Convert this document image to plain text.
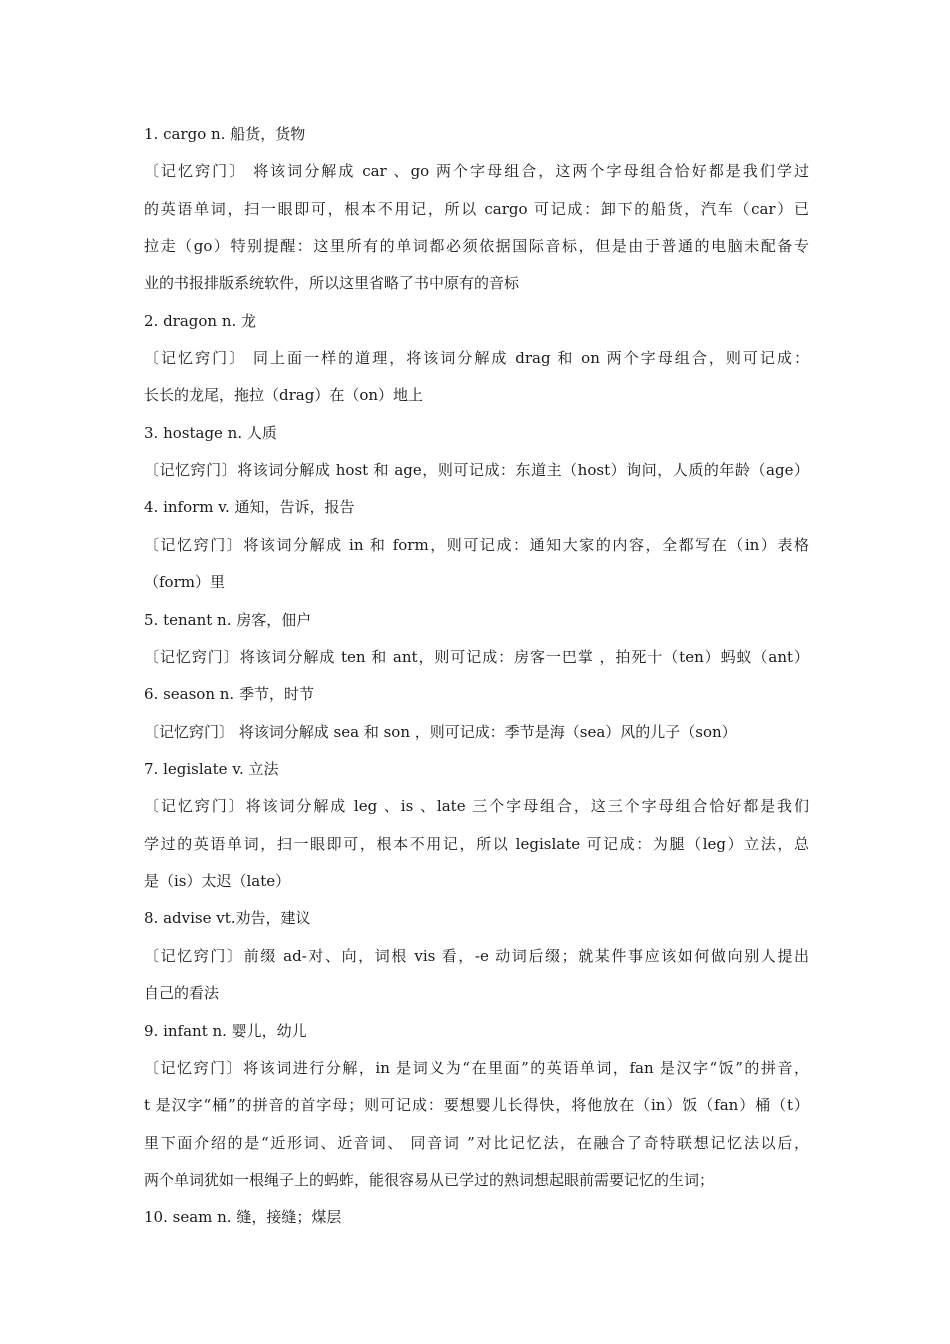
1. cargo n. 船货，货物
〔记忆窍门〕 将该词分解成 car 、go 两个字母组合，这两个字母组合恰好都是我们学过
的英语单词，扫一眼即可，根本不用记，所以 cargo 可记成：卸下的船货，汽车（car）已
拉走（go）特别提醒：这里所有的单词都必须依据国际音标，但是由于普通的电脑未配备专
业的书报排版系统软件，所以这里省略了书中原有的音标
2. dragon n. 龙
〔记忆窍门〕 同上面一样的道理，将该词分解成 drag 和 on 两个字母组合，则可记成：
长长的龙尾，拖拉（drag）在（on）地上
3. hostage n. 人质
〔记忆窍门〕将该词分解成 host 和 age，则可记成：东道主（host）询问，人质的年龄（age）
4. inform v. 通知，告诉，报告
〔记忆窍门〕将该词分解成 in 和 form，则可记成：通知大家的内容，全都写在（in）表格
（form）里
5. tenant n. 房客，佃户
〔记忆窍门〕将该词分解成 ten 和 ant，则可记成：房客一巴掌 ，拍死十（ten）蚂蚁（ant）
6. season n. 季节，时节
〔记忆窍门〕 将该词分解成 sea 和 son ，则可记成：季节是海（sea）风的儿子（son）
7. legislate v. 立法
〔记忆窍门〕将该词分解成 leg 、is 、late 三个字母组合，这三个字母组合恰好都是我们
学过的英语单词，扫一眼即可，根本不用记，所以 legislate 可记成：为腿（leg）立法，总
是（is）太迟（late）
8. advise vt.劝告，建议
〔记忆窍门〕前缀 ad-对、向，词根 vis 看，-e 动词后缀；就某件事应该如何做向别人提出
自己的看法
9. infant n. 婴儿，幼儿
〔记忆窍门〕将该词进行分解，in 是词义为“在里面”的英语单词，fan 是汉字“饭”的拼音，
t 是汉字“桶”的拼音的首字母；则可记成：要想婴儿长得快，将他放在（in）饭（fan）桶（t）
里下面介绍的是“近形词、近音词、 同音词 ”对比记忆法，在融合了奇特联想记忆法以后，
两个单词犹如一根绳子上的蚂蚱，能很容易从已学过的熟词想起眼前需要记忆的生词；
10. seam n. 缝，接缝；煤层
